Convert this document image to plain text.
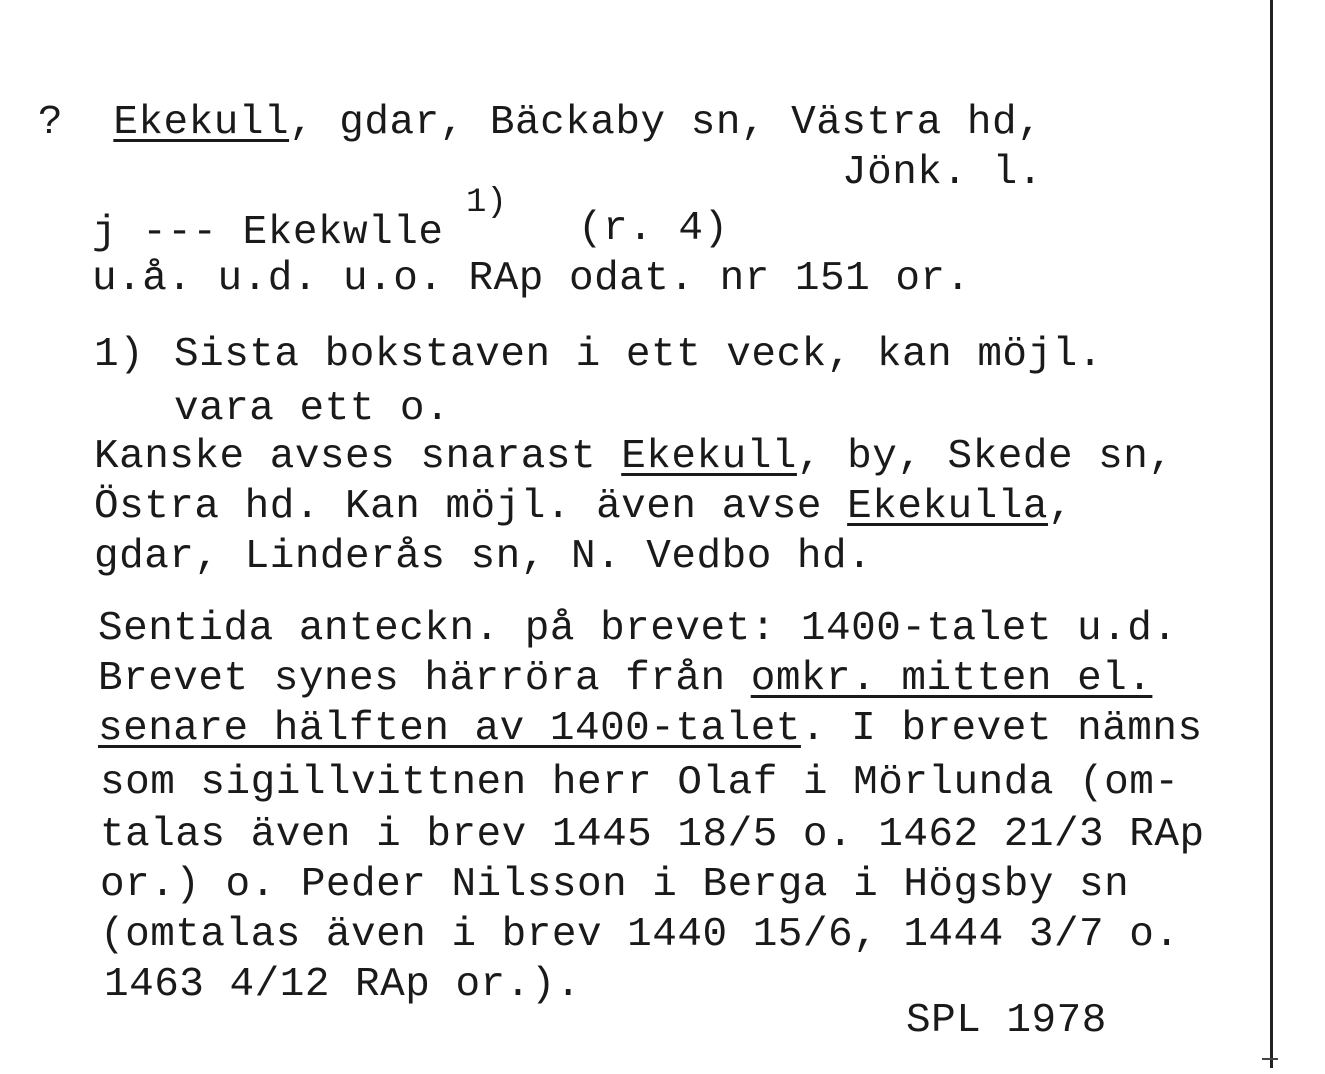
? Ekekull, gdar, Bäckaby sn, Västra hd,
Jönk. l.
j --- Ekekwlle
1)
(r. 4)
u.å. u.d. u.o. RAp odat. nr 151 or.
1) Sista bokstaven i ett veck, kan möjl.
vara ett o.
Kanske avses snarast Ekekull, by, Skede sn,
Östra hd. Kan möjl. även avse Ekekulla,
gdar, Linderås sn, N. Vedbo hd.
Sentida anteckn. på brevet: 1400-talet u.d.
Brevet synes härröra från omkr. mitten el.
senare hälften av 1400-talet. I brevet nämns
som sigillvittnen herr Olaf i Mörlunda (om-
talas även i brev 1445 18/5 o. 1462 21/3 RAp
or.) o. Peder Nilsson i Berga i Högsby sn
(omtalas även i brev 1440 15/6, 1444 3/7 o.
1463 4/12 RAp or.).
SPL 1978
